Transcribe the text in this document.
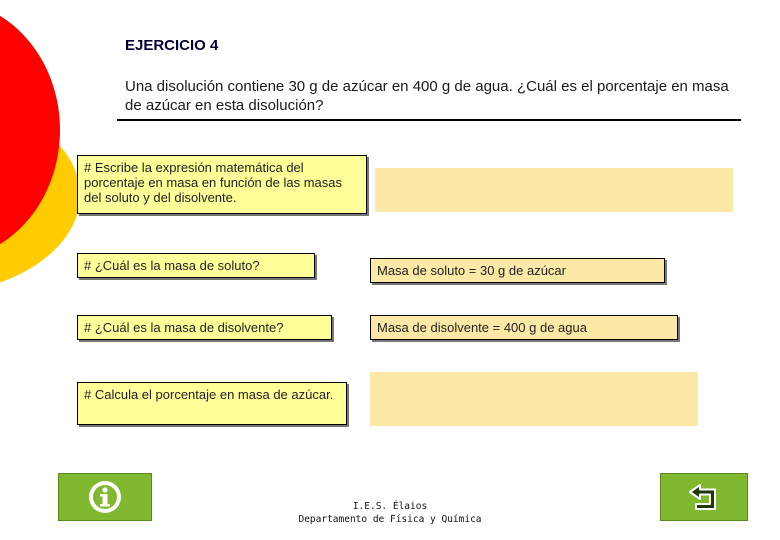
EJERCICIO 4
Una disolución contiene 30 g de azúcar en 400 g de agua. ¿Cuál es el porcentaje en masa de azúcar en esta disolución?
# Escribe la expresión matemática del porcentaje en masa en función de las masas del soluto y del disolvente.
# ¿Cuál es la masa de soluto?	Masa de soluto = 30 g de azúcar
# ¿Cuál es la masa de disolvente?	Masa de disolvente = 400 g de agua
# Calcula el porcentaje en masa de azúcar.
I.E.S. Élaios
Departamento de Física y Química
